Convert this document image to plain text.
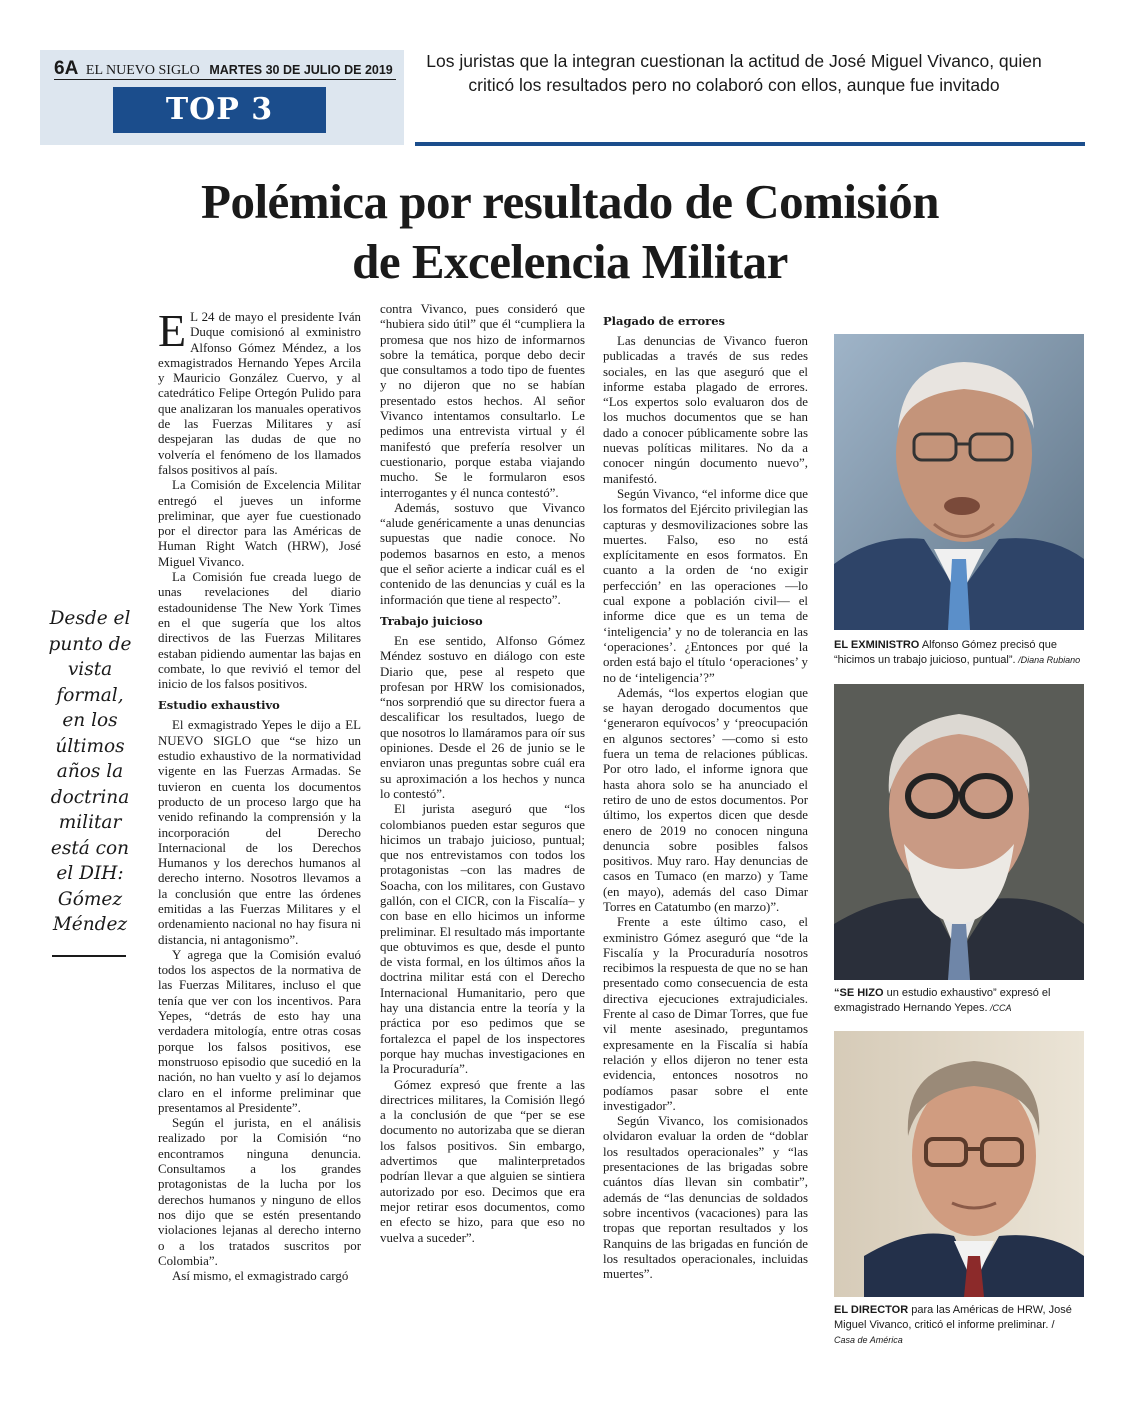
6A EL NUEVO SIGLO MARTES 30 DE JULIO DE 2019
TOP 3
Los juristas que la integran cuestionan la actitud de José Miguel Vivanco, quien criticó los resultados pero no colaboró con ellos, aunque fue invitado
Polémica por resultado de Comisión
de Excelencia Militar
Desde el punto de vista formal, en los últimos años la doctrina militar está con el DIH: Gómez Méndez

E L 24 de mayo el presidente Iván Duque comisionó al exministro Alfonso Gómez Méndez, a los exmagistrados Hernando Yepes Arcila y Mauricio González Cuervo, y al catedrático Felipe Ortegón Pulido para que analizaran los manuales operativos de las Fuerzas Militares y así despejaran las dudas de que no volvería el fenómeno de los llamados falsos positivos al país.

La Comisión de Excelencia Militar entregó el jueves un informe preliminar, que ayer fue cuestionado por el director para las Américas de Human Right Watch (HRW), José Miguel Vivanco.

La Comisión fue creada luego de unas revelaciones del diario estadounidense The New York Times en el que sugería que los altos directivos de las Fuerzas Militares estaban pidiendo aumentar las bajas en combate, lo que revivió el temor del inicio de los falsos positivos.

Estudio exhaustivo

El exmagistrado Yepes le dijo a EL NUEVO SIGLO que “se hizo un estudio exhaustivo de la normatividad vigente en las Fuerzas Armadas. Se tuvieron en cuenta los documentos producto de un proceso largo que ha venido refinando la comprensión y la incorporación del Derecho Internacional de los Derechos Humanos y los derechos humanos al derecho interno. Nosotros llevamos a la conclusión que entre las órdenes emitidas a las Fuerzas Militares y el ordenamiento nacional no hay fisura ni distancia, ni antagonismo”.

Y agrega que la Comisión evaluó todos los aspectos de la normativa de las Fuerzas Militares, incluso el que tenía que ver con los incentivos. Para Yepes, “detrás de esto hay una verdadera mitología, entre otras cosas porque los falsos positivos, ese monstruoso episodio que sucedió en la nación, no han vuelto y así lo dejamos claro en el informe preliminar que presentamos al Presidente”.

Según el jurista, en el análisis realizado por la Comisión “no encontramos ninguna denuncia. Consultamos a los grandes protagonistas de la lucha por los derechos humanos y ninguno de ellos nos dijo que se estén presentando violaciones lejanas al derecho interno o a los tratados suscritos por Colombia”.

Así mismo, el exmagistrado cargó

contra Vivanco, pues consideró que “hubiera sido útil” que él “cumpliera la promesa que nos hizo de informarnos sobre la temática, porque debo decir que consultamos a todo tipo de fuentes y no dijeron que no se habían presentado estos hechos. Al señor Vivanco intentamos consultarlo. Le pedimos una entrevista virtual y él manifestó que prefería resolver un cuestionario, porque estaba viajando mucho. Se le formularon esos interrogantes y él nunca contestó”.

Además, sostuvo que Vivanco “alude genéricamente a unas denuncias supuestas que nadie conoce. No podemos basarnos en esto, a menos que el señor acierte a indicar cuál es el contenido de las denuncias y cuál es la información que tiene al respecto”.

Trabajo juicioso

En ese sentido, Alfonso Gómez Méndez sostuvo en diálogo con este Diario que, pese al respeto que profesan por HRW los comisionados, “nos sorprendió que su director fuera a descalificar los resultados, luego de que nosotros lo llamáramos para oír sus opiniones. Desde el 26 de junio se le enviaron unas preguntas sobre cuál era su aproximación a los hechos y nunca lo contestó”.

El jurista aseguró que “los colombianos pueden estar seguros que hicimos un trabajo juicioso, puntual; que nos entrevistamos con todos los protagonistas –con las madres de Soacha, con los militares, con Gustavo gallón, con el CICR, con la Fiscalía– y con base en ello hicimos un informe preliminar. El resultado más importante que obtuvimos es que, desde el punto de vista formal, en los últimos años la doctrina militar está con el Derecho Internacional Humanitario, pero que hay una distancia entre la teoría y la práctica por eso pedimos que se fortalezca el papel de los inspectores porque hay muchas investigaciones en la Procuraduría”.

Gómez expresó que frente a las directrices militares, la Comisión llegó a la conclusión de que “per se ese documento no autorizaba que se dieran los falsos positivos. Sin embargo, advertimos que malinterpretados podrían llevar a que alguien se sintiera autorizado por eso. Decimos que era mejor retirar esos documentos, como en efecto se hizo, para que eso no vuelva a suceder”.

Plagado de errores

Las denuncias de Vivanco fueron publicadas a través de sus redes sociales, en las que aseguró que el informe estaba plagado de errores. “Los expertos solo evaluaron dos de los muchos documentos que se han dado a conocer públicamente sobre las nuevas políticas militares. No da a conocer ningún documento nuevo”, manifestó.

Según Vivanco, “el informe dice que los formatos del Ejército privilegian las capturas y desmovilizaciones sobre las muertes. Falso, eso no está explícitamente en esos formatos. En cuanto a la orden de ‘no exigir perfección’ en las operaciones —lo cual expone a población civil— el informe dice que es un tema de ‘inteligencia’ y no de tolerancia en las ‘operaciones’. ¿Entonces por qué la orden está bajo el título ‘operaciones’ y no de ‘inteligencia’?”

Además, “los expertos elogian que se hayan derogado documentos que ‘generaron equívocos’ y ‘preocupación en algunos sectores’ —como si esto fuera un tema de relaciones públicas. Por otro lado, el informe ignora que hasta ahora solo se ha anunciado el retiro de uno de estos documentos. Por último, los expertos dicen que desde enero de 2019 no conocen ninguna denuncia sobre posibles falsos positivos. Muy raro. Hay denuncias de casos en Tumaco (en marzo) y Tame (en mayo), además del caso Dimar Torres en Catatumbo (en marzo)”.

Frente a este último caso, el exministro Gómez aseguró que “de la Fiscalía y la Procuraduría nosotros recibimos la respuesta de que no se han presentado como consecuencia de esta directiva ejecuciones extrajudiciales. Frente al caso de Dimar Torres, que fue vil mente asesinado, preguntamos expresamente en la Fiscalía si había relación y ellos dijeron no tener esta evidencia, entonces nosotros no podíamos pasar sobre el ente investigador”.

Según Vivanco, los comisionados olvidaron evaluar la orden de “doblar los resultados operacionales” y “las presentaciones de las brigadas sobre cuántos días llevan sin combatir”, además de “las denuncias de soldados sobre incentivos (vacaciones) para las tropas que reportan resultados y los Ranquins de las brigadas en función de los resultados operacionales, incluidas muertes”.

EL EXMINISTRO Alfonso Gómez precisó que “hicimos un trabajo juicioso, puntual”. /Diana Rubiano
“SE HIZO un estudio exhaustivo” expresó el exmagistrado Hernando Yepes. /CCA
EL DIRECTOR para las Américas de HRW, José Miguel Vivanco, criticó el informe preliminar. /
Casa de América
